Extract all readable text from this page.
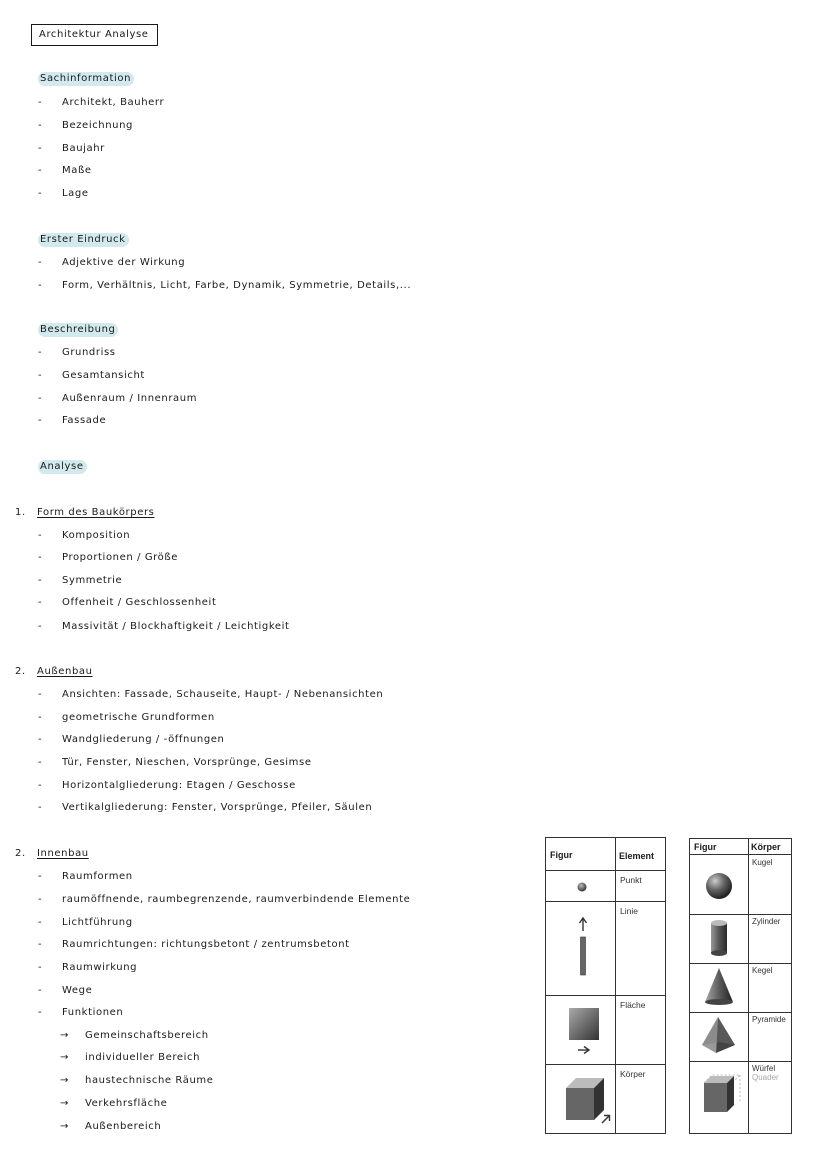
Architektur Analyse
Sachinformation
- Architekt, Bauherr
- Bezeichnung
- Baujahr
- Maße
- Lage
Erster Eindruck
- Adjektive der Wirkung
- Form, Verhältnis, Licht, Farbe, Dynamik, Symmetrie, Details,...
Beschreibung
- Grundriss
- Gesamtansicht
- Außenraum / Innenraum
- Fassade
Analyse
1. Form des Baukörpers
- Komposition
- Proportionen / Größe
- Symmetrie
- Offenheit / Geschlossenheit
- Massivität / Blockhaftigkeit / Leichtigkeit
2. Außenbau
- Ansichten: Fassade, Schauseite, Haupt- / Nebenansichten
- geometrische Grundformen
- Wandgliederung / -öffnungen
- Tür, Fenster, Nieschen, Vorsprünge, Gesimse
- Horizontalgliederung: Etagen / Geschosse
- Vertikalgliederung: Fenster, Vorsprünge, Pfeiler, Säulen
2. Innenbau
- Raumformen
- raumöffnende, raumbegrenzende, raumverbindende Elemente
- Lichtführung
- Raumrichtungen: richtungsbetont / zentrumsbetont
- Raumwirkung
- Wege
- Funktionen
→ Gemeinschaftsbereich
→ individueller Bereich
→ haustechnische Räume
→ Verkehrsfläche
→ Außenbereich
Figur	Element
Punkt
Linie
Fläche
Körper
Figur	Körper
Kugel
Zylinder
Kegel
Pyramide
Würfel
Quader
